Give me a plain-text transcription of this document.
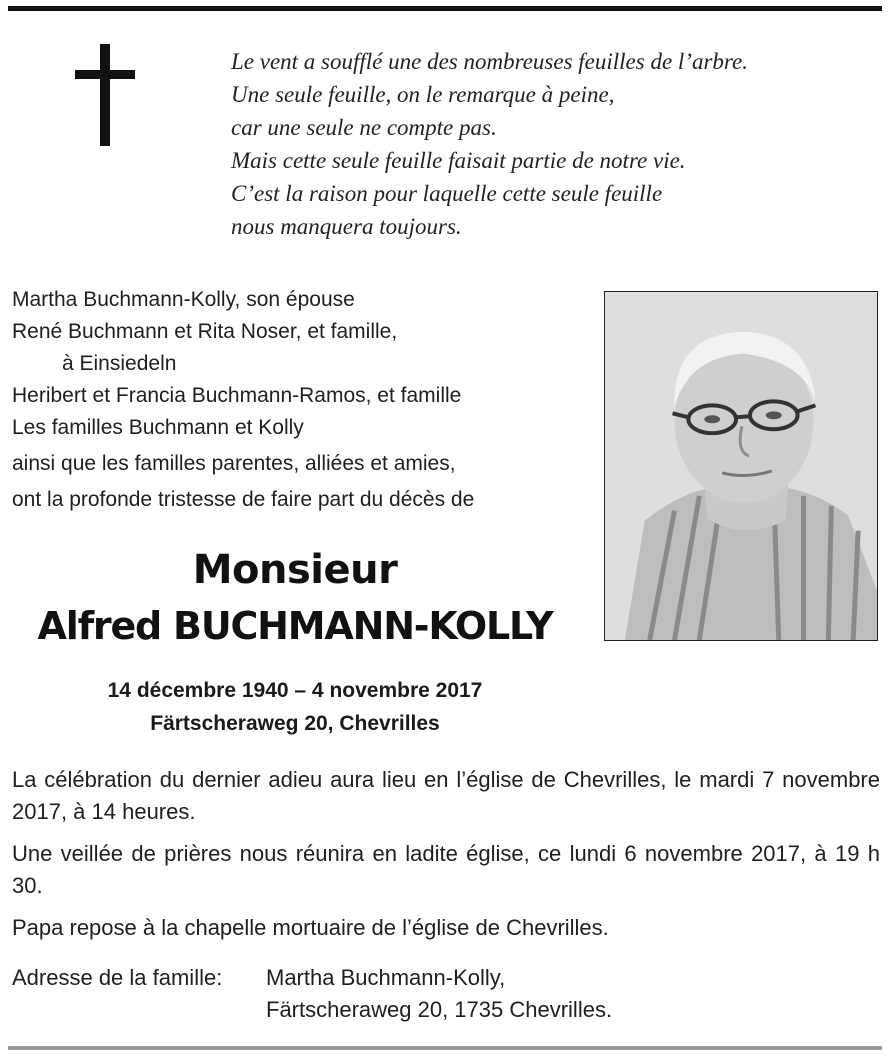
Le vent a soufflé une des nombreuses feuilles de l’arbre.
Une seule feuille, on le remarque à peine,
car une seule ne compte pas.
Mais cette seule feuille faisait partie de notre vie.
C’est la raison pour laquelle cette seule feuille
nous manquera toujours.
Martha Buchmann-Kolly, son épouse
René Buchmann et Rita Noser, et famille,
à Einsiedeln
Heribert et Francia Buchmann-Ramos, et famille
Les familles Buchmann et Kolly
ainsi que les familles parentes, alliées et amies,
ont la profonde tristesse de faire part du décès de
Monsieur
Alfred BUCHMANN-KOLLY
14 décembre 1940 – 4 novembre 2017
Färtscheraweg 20, Chevrilles

La célébration du dernier adieu aura lieu en l’église de Chevrilles, le mardi 7 novembre 2017, à 14 heures.

Une veillée de prières nous réunira en ladite église, ce lundi 6 novembre 2017, à 19 h 30.

Papa repose à la chapelle mortuaire de l’église de Chevrilles.

Adresse de la famille: Martha Buchmann-Kolly,
Färtscheraweg 20, 1735 Chevrilles.
